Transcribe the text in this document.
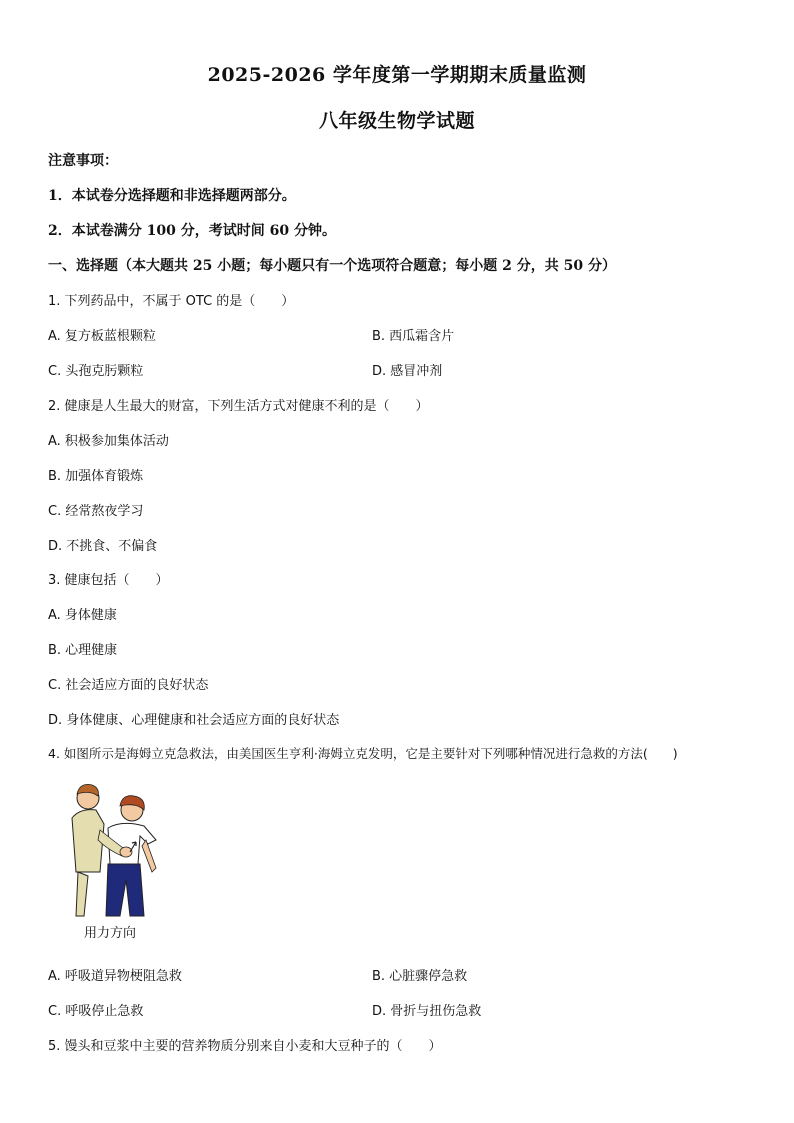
2025-2026 学年度第一学期期末质量监测
八年级生物学试题
注意事项：
1．本试卷分选择题和非选择题两部分。
2．本试卷满分 100 分，考试时间 60 分钟。
一、选择题（本大题共 25 小题；每小题只有一个选项符合题意；每小题 2 分，共 50 分）
1. 下列药品中，不属于 OTC 的是（　　）
A. 复方板蓝根颗粒	B. 西瓜霜含片
C. 头孢克肟颗粒	D. 感冒冲剂
2. 健康是人生最大的财富，下列生活方式对健康不利的是（　　）
A. 积极参加集体活动
B. 加强体育锻炼
C. 经常熬夜学习
D. 不挑食、不偏食
3. 健康包括（　　）
A. 身体健康
B. 心理健康
C. 社会适应方面的良好状态
D. 身体健康、心理健康和社会适应方面的良好状态
4. 如图所示是海姆立克急救法，由美国医生亨利·海姆立克发明，它是主要针对下列哪种情况进行急救的方法(　　)
用力方向
A. 呼吸道异物梗阻急救	B. 心脏骤停急救
C. 呼吸停止急救	D. 骨折与扭伤急救
5. 馒头和豆浆中主要的营养物质分别来自小麦和大豆种子的（　　）
